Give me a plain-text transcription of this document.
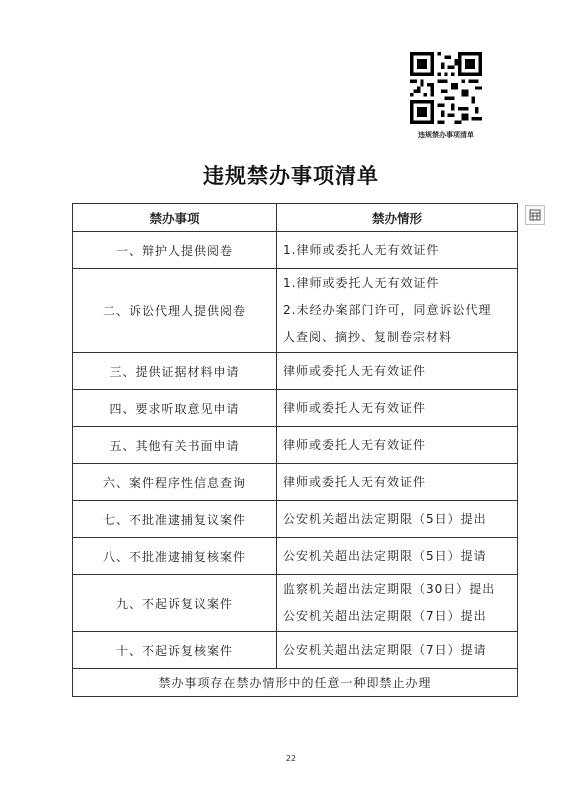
违规禁办事项清单
违规禁办事项清单
禁办事项	禁办情形
一、辩护人提供阅卷	1.律师或委托人无有效证件

二、诉讼代理人提供阅卷	1.律师或委托人无有效证件
2.未经办案部门许可，同意诉讼代理
人查阅、摘抄、复制卷宗材料

三、提供证据材料申请	律师或委托人无有效证件

四、要求听取意见申请	律师或委托人无有效证件

五、其他有关书面申请	律师或委托人无有效证件

六、案件程序性信息查询	律师或委托人无有效证件

七、不批准逮捕复议案件	公安机关超出法定期限（5日）提出

八、不批准逮捕复核案件	公安机关超出法定期限（5日）提请

九、不起诉复议案件	监察机关超出法定期限（30日）提出
公安机关超出法定期限（7日）提出

十、不起诉复核案件	公安机关超出法定期限（7日）提请

禁办事项存在禁办情形中的任意一种即禁止办理	
22
